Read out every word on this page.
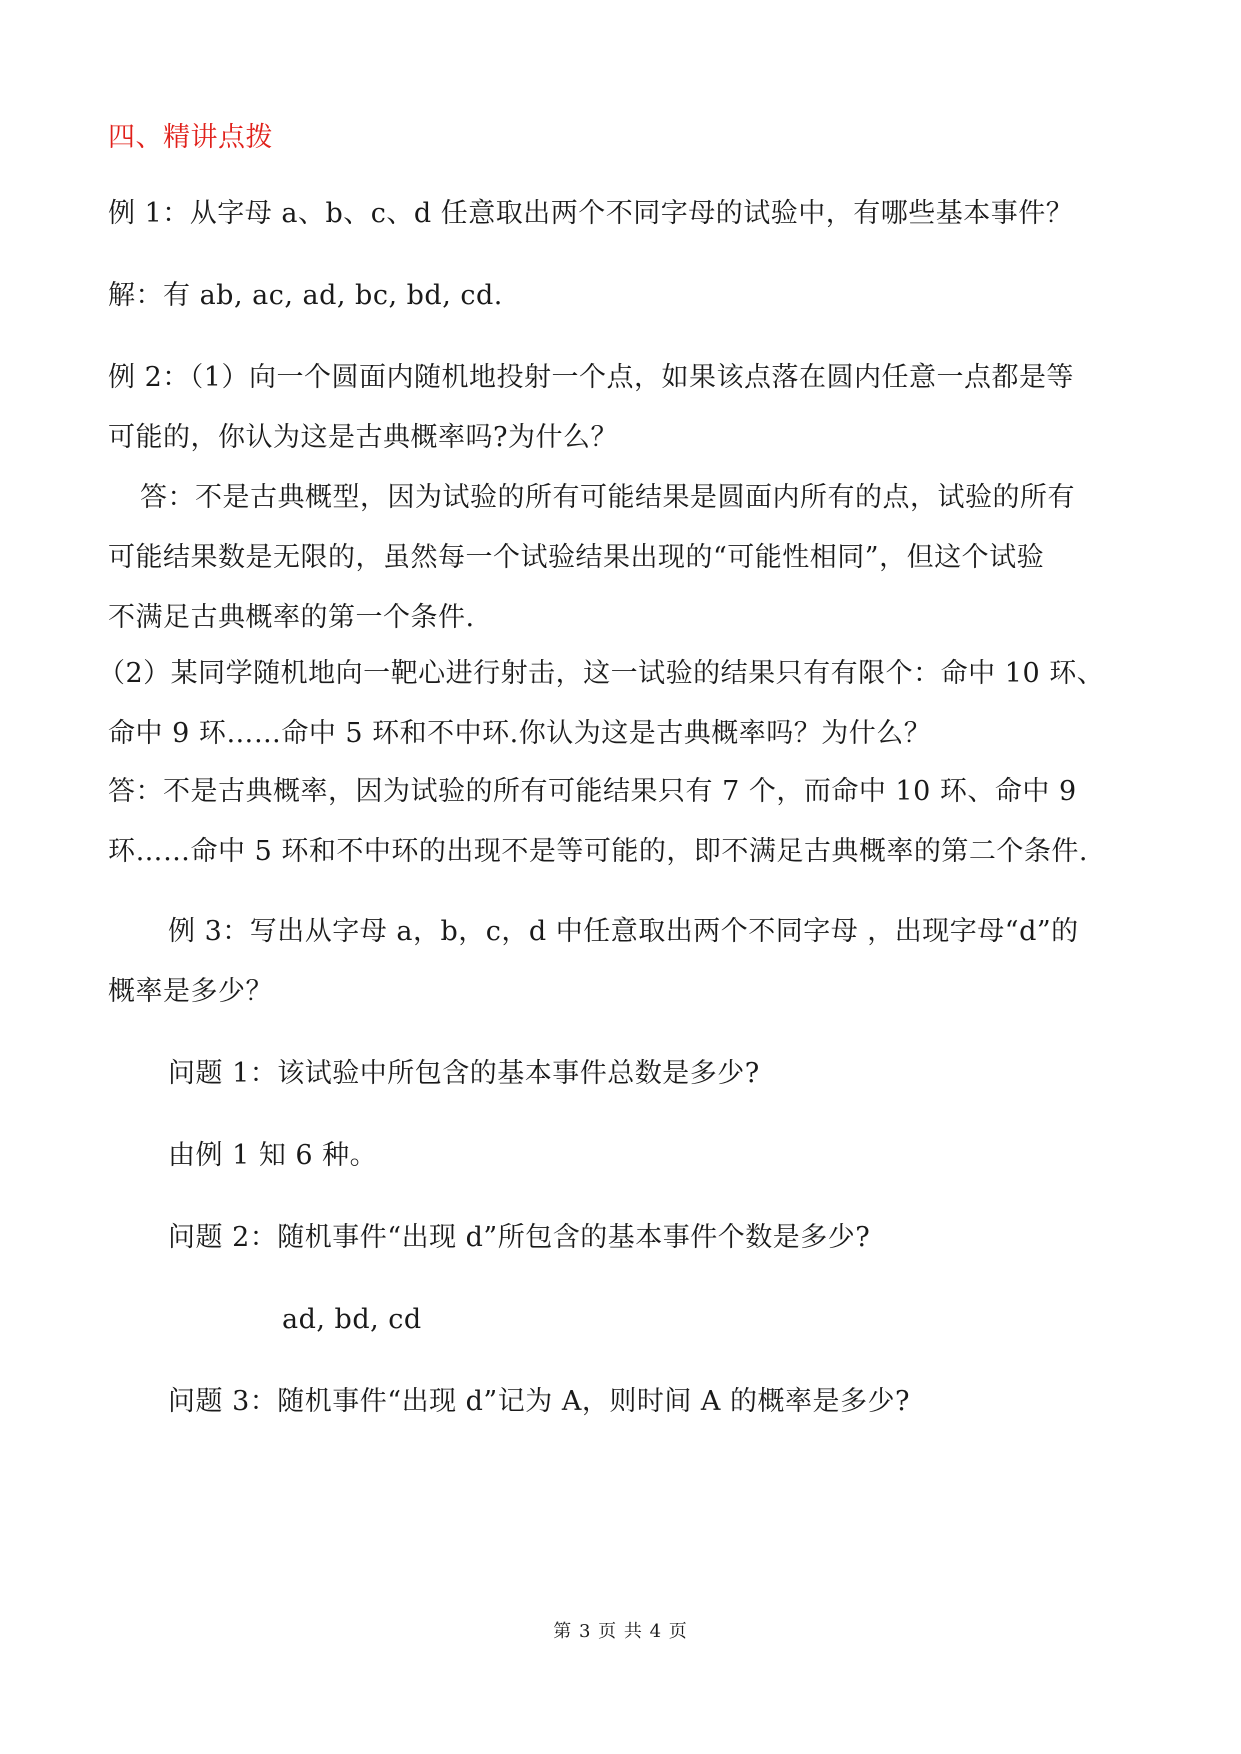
四、精讲点拨
例 1：从字母 a、b、c、d 任意取出两个不同字母的试验中，有哪些基本事件？
解：有 ab, ac, ad, bc, bd, cd.
例 2：（1）向一个圆面内随机地投射一个点，如果该点落在圆内任意一点都是等
可能的，你认为这是古典概率吗?为什么？
答：不是古典概型，因为试验的所有可能结果是圆面内所有的点，试验的所有
可能结果数是无限的，虽然每一个试验结果出现的“可能性相同”，但这个试验
不满足古典概率的第一个条件.
（2）某同学随机地向一靶心进行射击，这一试验的结果只有有限个：命中 10 环、
命中 9 环……命中 5 环和不中环.你认为这是古典概率吗？为什么？
答：不是古典概率，因为试验的所有可能结果只有 7 个，而命中 10 环、命中 9
环……命中 5 环和不中环的出现不是等可能的，即不满足古典概率的第二个条件.
例 3：写出从字母 a，b，c，d 中任意取出两个不同字母 ，出现字母“d”的
概率是多少？
问题 1：该试验中所包含的基本事件总数是多少?
由例 1 知 6 种。
问题 2：随机事件“出现 d”所包含的基本事件个数是多少?
ad, bd, cd
问题 3：随机事件“出现 d”记为 A，则时间 A 的概率是多少?
第 3 页 共 4 页
